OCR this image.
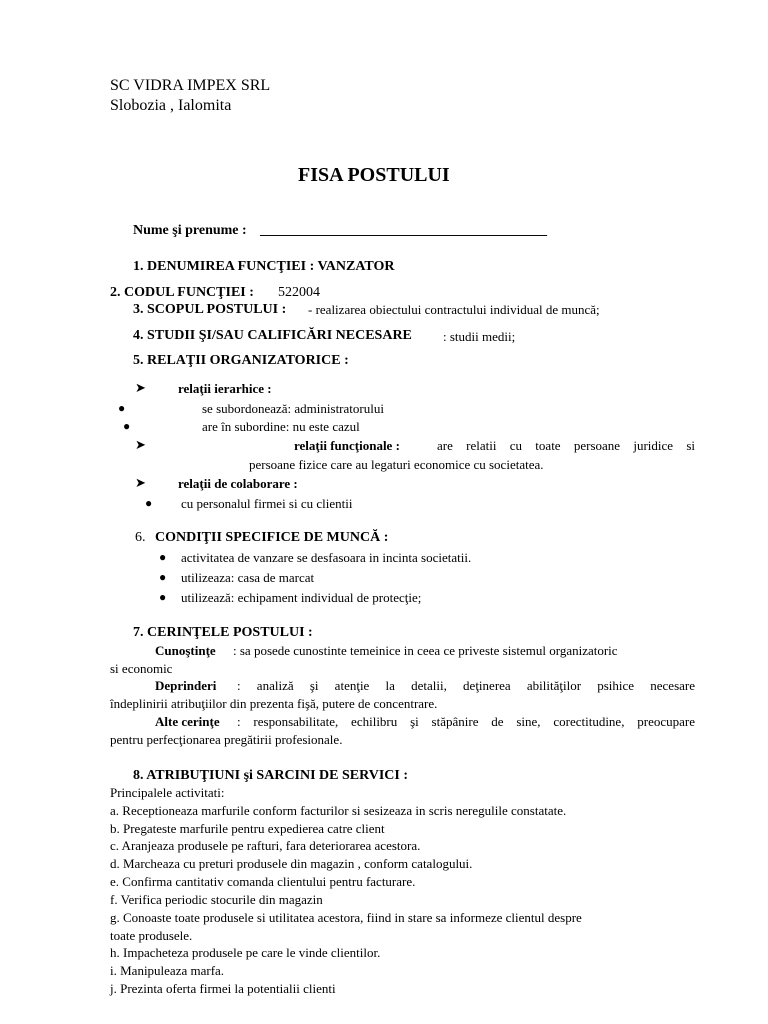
SC VIDRA IMPEX SRL
Slobozia , Ialomita
FISA POSTULUI
Nume şi prenume : _________________________________________
1. DENUMIREA FUNCŢIEI : VANZATOR
2. CODUL FUNCŢIEI : 522004
3. SCOPUL POSTULUI : - realizarea obiectului contractului individual de muncă;
4. STUDII ŞI/SAU CALIFICĂRI NECESARE : studii medii;
5. RELAŢII ORGANIZATORICE :
➤ relaţii ierarhice :
●	se subordonează: administratorului
●	are în subordine: nu este cazul
➤	relaţii funcţionale :	are relatii cu toate persoane juridice si
persoane fizice care au legaturi economice cu societatea.
➤ relaţii de colaborare :
● cu personalul firmei si cu clientii
6. CONDIŢII SPECIFICE DE MUNCĂ :
● activitatea de vanzare se desfasoara in incinta societatii.
● utilizeaza: casa de marcat
● utilizează: echipament individual de protecţie;
7. CERINŢELE POSTULUI :
Cunoştinţe : sa posede cunostinte temeinice in ceea ce priveste sistemul organizatoric
si economic
Deprinderi : analiză şi atenţie la detalii, deţinerea abilităţilor psihice necesare
îndeplinirii atribuţiilor din prezenta fişă, putere de concentrare.
Alte cerinţe : responsabilitate, echilibru şi stăpânire de sine, corectitudine, preocupare
pentru perfecţionarea pregătirii profesionale.
8. ATRIBUŢIUNI şi SARCINI DE SERVICI :
Principalele activitati:
a. Receptioneaza marfurile conform facturilor si sesizeaza in scris neregulile constatate.
b. Pregateste marfurile pentru expedierea catre client
c. Aranjeaza produsele pe rafturi, fara deteriorarea acestora.
d. Marcheaza cu preturi produsele din magazin , conform catalogului.
e. Confirma cantitativ comanda clientului pentru facturare.
f. Verifica periodic stocurile din magazin
g. Conoaste toate produsele si utilitatea acestora, fiind in stare sa informeze clientul despre
toate produsele.
h. Impacheteza produsele pe care le vinde clientilor.
i. Manipuleaza marfa.
j. Prezinta oferta firmei la potentialii clienti
